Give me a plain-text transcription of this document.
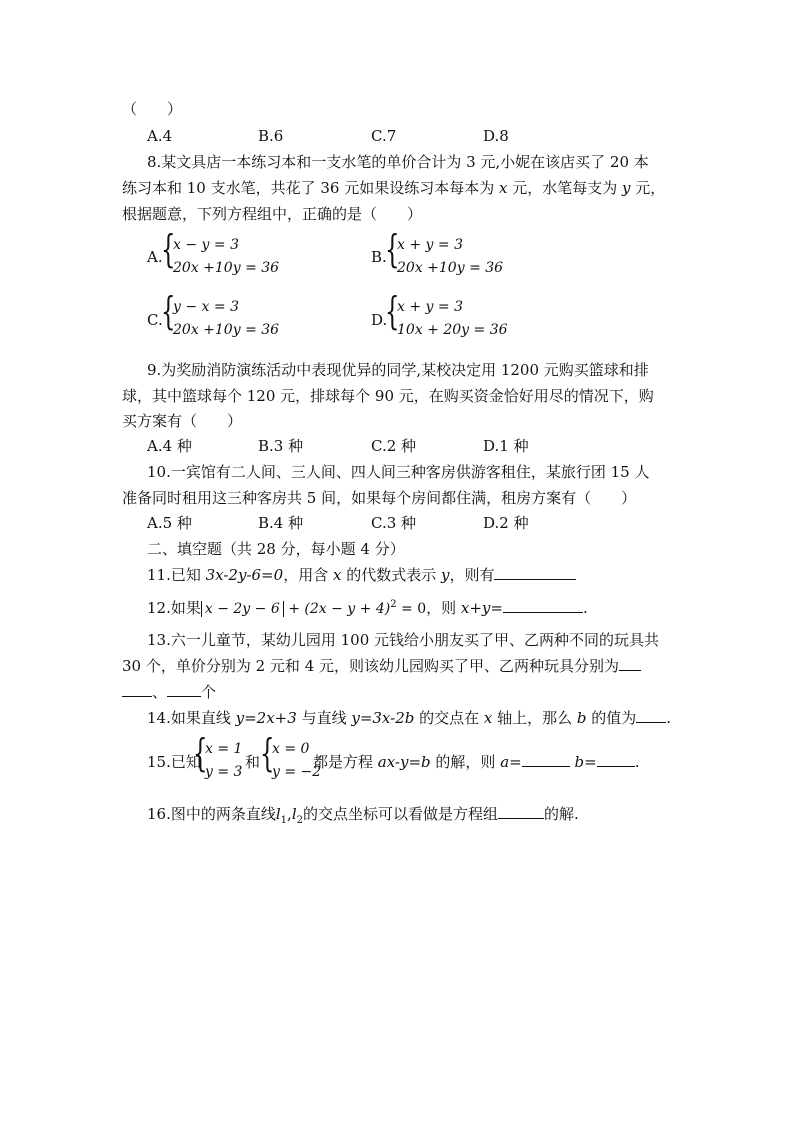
（　　）
A.4	B.6	C.7	D.8
8.某文具店一本练习本和一支水笔的单价合计为 3 元,小妮在该店买了 20 本
练习本和 10 支水笔，共花了 36 元如果设练习本每本为 x 元，水笔每支为 y 元，
根据题意，下列方程组中，正确的是（　　）
A.
{
x − y = 3
20x +10y = 36
B.
{
x + y = 3
20x +10y = 36
C.
{
y − x = 3
20x +10y = 36
D.
{
x + y = 3
10x + 20y = 36
9.为奖励消防演练活动中表现优异的同学,某校决定用 1200 元购买篮球和排
球，其中篮球每个 120 元，排球每个 90 元，在购买资金恰好用尽的情况下，购
买方案有（　　）
A.4 种	B.3 种	C.2 种	D.1 种
10.一宾馆有二人间、三人间、四人间三种客房供游客租住，某旅行团 15 人
准备同时租用这三种客房共 5 间，如果每个房间都住满，租房方案有（　　）
A.5 种	B.4 种	C.3 种	D.2 种
二、填空题（共 28 分，每小题 4 分）
11.已知 3x-2y-6=0，用含 x 的代数式表示 y，则有
12.如果 $x - 2y - 6 + (2x - y + 4)^2 = 0$，则 x+y=	.
13.六一儿童节，某幼儿园用 100 元钱给小朋友买了甲、乙两种不同的玩具共
30 个，单价分别为 2 元和 4 元，则该幼儿园购买了甲、乙两种玩具分别为
、 个
14.如果直线 y=2x+3 与直线 y=3x-2b 的交点在 x 轴上，那么 b 的值为 .
15.已知
{
x = 1
y = 3
和 {
x = 0
y = −2
都是方程 ax-y=b 的解，则 a=	b=	.
16.图中的两条直线$l_1,l_2$的交点坐标可以看做是方程组	的解.
